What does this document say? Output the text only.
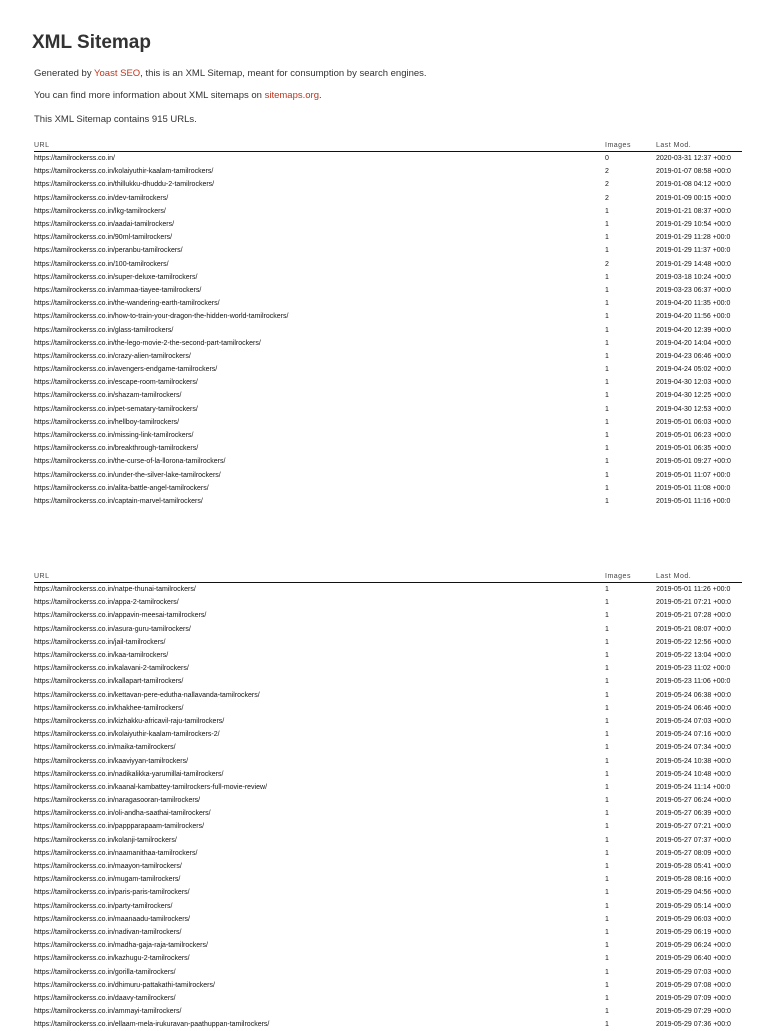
XML Sitemap
Generated by Yoast SEO, this is an XML Sitemap, meant for consumption by search engines.
You can find more information about XML sitemaps on sitemaps.org.
This XML Sitemap contains 915 URLs.
URL	Images	Last Mod.
https://tamilrockerss.co.in/	0	2020-03-31 12:37 +00:0
https://tamilrockerss.co.in/kolaiyuthir-kaalam-tamilrockers/	2	2019-01-07 08:58 +00:0
https://tamilrockerss.co.in/thillukku-dhuddu-2-tamilrockers/	2	2019-01-08 04:12 +00:0
https://tamilrockerss.co.in/dev-tamilrockers/	2	2019-01-09 00:15 +00:0
https://tamilrockerss.co.in/lkg-tamilrockers/	1	2019-01-21 08:37 +00:0
https://tamilrockerss.co.in/aadai-tamilrockers/	1	2019-01-29 10:54 +00:0
https://tamilrockerss.co.in/90ml-tamilrockers/	1	2019-01-29 11:28 +00:0
https://tamilrockerss.co.in/peranbu-tamilrockers/	1	2019-01-29 11:37 +00:0
https://tamilrockerss.co.in/100-tamilrockers/	2	2019-01-29 14:48 +00:0
https://tamilrockerss.co.in/super-deluxe-tamilrockers/	1	2019-03-18 10:24 +00:0
https://tamilrockerss.co.in/ammaa-tiayee-tamilrockers/	1	2019-03-23 06:37 +00:0
https://tamilrockerss.co.in/the-wandering-earth-tamilrockers/	1	2019-04-20 11:35 +00:0
https://tamilrockerss.co.in/how-to-train-your-dragon-the-hidden-world-tamilrockers/	1	2019-04-20 11:56 +00:0
https://tamilrockerss.co.in/glass-tamilrockers/	1	2019-04-20 12:39 +00:0
https://tamilrockerss.co.in/the-lego-movie-2-the-second-part-tamilrockers/	1	2019-04-20 14:04 +00:0
https://tamilrockerss.co.in/crazy-alien-tamilrockers/	1	2019-04-23 06:46 +00:0
https://tamilrockerss.co.in/avengers-endgame-tamilrockers/	1	2019-04-24 05:02 +00:0
https://tamilrockerss.co.in/escape-room-tamilrockers/	1	2019-04-30 12:03 +00:0
https://tamilrockerss.co.in/shazam-tamilrockers/	1	2019-04-30 12:25 +00:0
https://tamilrockerss.co.in/pet-sematary-tamilrockers/	1	2019-04-30 12:53 +00:0
https://tamilrockerss.co.in/hellboy-tamilrockers/	1	2019-05-01 06:03 +00:0
https://tamilrockerss.co.in/missing-link-tamilrockers/	1	2019-05-01 06:23 +00:0
https://tamilrockerss.co.in/breakthrough-tamilrockers/	1	2019-05-01 06:35 +00:0
https://tamilrockerss.co.in/the-curse-of-la-llorona-tamilrockers/	1	2019-05-01 09:27 +00:0
https://tamilrockerss.co.in/under-the-silver-lake-tamilrockers/	1	2019-05-01 11:07 +00:0
https://tamilrockerss.co.in/alita-battle-angel-tamilrockers/	1	2019-05-01 11:08 +00:0
https://tamilrockerss.co.in/captain-marvel-tamilrockers/	1	2019-05-01 11:16 +00:0
URL	Images	Last Mod.
https://tamilrockerss.co.in/natpe-thunai-tamilrockers/	1	2019-05-01 11:26 +00:0
https://tamilrockerss.co.in/appa-2-tamilrockers/	1	2019-05-21 07:21 +00:0
https://tamilrockerss.co.in/appavin-meesai-tamilrockers/	1	2019-05-21 07:28 +00:0
https://tamilrockerss.co.in/asura-guru-tamilrockers/	1	2019-05-21 08:07 +00:0
https://tamilrockerss.co.in/jail-tamilrockers/	1	2019-05-22 12:56 +00:0
https://tamilrockerss.co.in/kaa-tamilrockers/	1	2019-05-22 13:04 +00:0
https://tamilrockerss.co.in/kalavani-2-tamilrockers/	1	2019-05-23 11:02 +00:0
https://tamilrockerss.co.in/kallapart-tamilrockers/	1	2019-05-23 11:06 +00:0
https://tamilrockerss.co.in/kettavan-pere-edutha-nallavanda-tamilrockers/	1	2019-05-24 06:38 +00:0
https://tamilrockerss.co.in/khakhee-tamilrockers/	1	2019-05-24 06:46 +00:0
https://tamilrockerss.co.in/kizhakku-africavil-raju-tamilrockers/	1	2019-05-24 07:03 +00:0
https://tamilrockerss.co.in/kolaiyuthir-kaalam-tamilrockers-2/	1	2019-05-24 07:16 +00:0
https://tamilrockerss.co.in/maika-tamilrockers/	1	2019-05-24 07:34 +00:0
https://tamilrockerss.co.in/kaaviyyan-tamilrockers/	1	2019-05-24 10:38 +00:0
https://tamilrockerss.co.in/nadikalikka-yarumillai-tamilrockers/	1	2019-05-24 10:48 +00:0
https://tamilrockerss.co.in/kaanal-kambattey-tamilrockers-full-movie-review/	1	2019-05-24 11:14 +00:0
https://tamilrockerss.co.in/naragasooran-tamilrockers/	1	2019-05-27 06:24 +00:0
https://tamilrockerss.co.in/oli-andha-saathai-tamilrockers/	1	2019-05-27 06:39 +00:0
https://tamilrockerss.co.in/pappparapaam-tamilrockers/	1	2019-05-27 07:21 +00:0
https://tamilrockerss.co.in/kolanji-tamilrockers/	1	2019-05-27 07:37 +00:0
https://tamilrockerss.co.in/naamanithaa-tamilrockers/	1	2019-05-27 08:09 +00:0
https://tamilrockerss.co.in/maayon-tamilrockers/	1	2019-05-28 05:41 +00:0
https://tamilrockerss.co.in/mugam-tamilrockers/	1	2019-05-28 08:16 +00:0
https://tamilrockerss.co.in/paris-paris-tamilrockers/	1	2019-05-29 04:56 +00:0
https://tamilrockerss.co.in/party-tamilrockers/	1	2019-05-29 05:14 +00:0
https://tamilrockerss.co.in/maanaadu-tamilrockers/	1	2019-05-29 06:03 +00:0
https://tamilrockerss.co.in/nadivan-tamilrockers/	1	2019-05-29 06:19 +00:0
https://tamilrockerss.co.in/madha-gaja-raja-tamilrockers/	1	2019-05-29 06:24 +00:0
https://tamilrockerss.co.in/kazhugu-2-tamilrockers/	1	2019-05-29 06:40 +00:0
https://tamilrockerss.co.in/gorilla-tamilrockers/	1	2019-05-29 07:03 +00:0
https://tamilrockerss.co.in/dhimuru-pattakathi-tamilrockers/	1	2019-05-29 07:08 +00:0
https://tamilrockerss.co.in/daavy-tamilrockers/	1	2019-05-29 07:09 +00:0
https://tamilrockerss.co.in/ammayi-tamilrockers/	1	2019-05-29 07:29 +00:0
https://tamilrockerss.co.in/ellaam-mela-irukuravan-paathuppan-tamilrockers/	1	2019-05-29 07:36 +00:0
